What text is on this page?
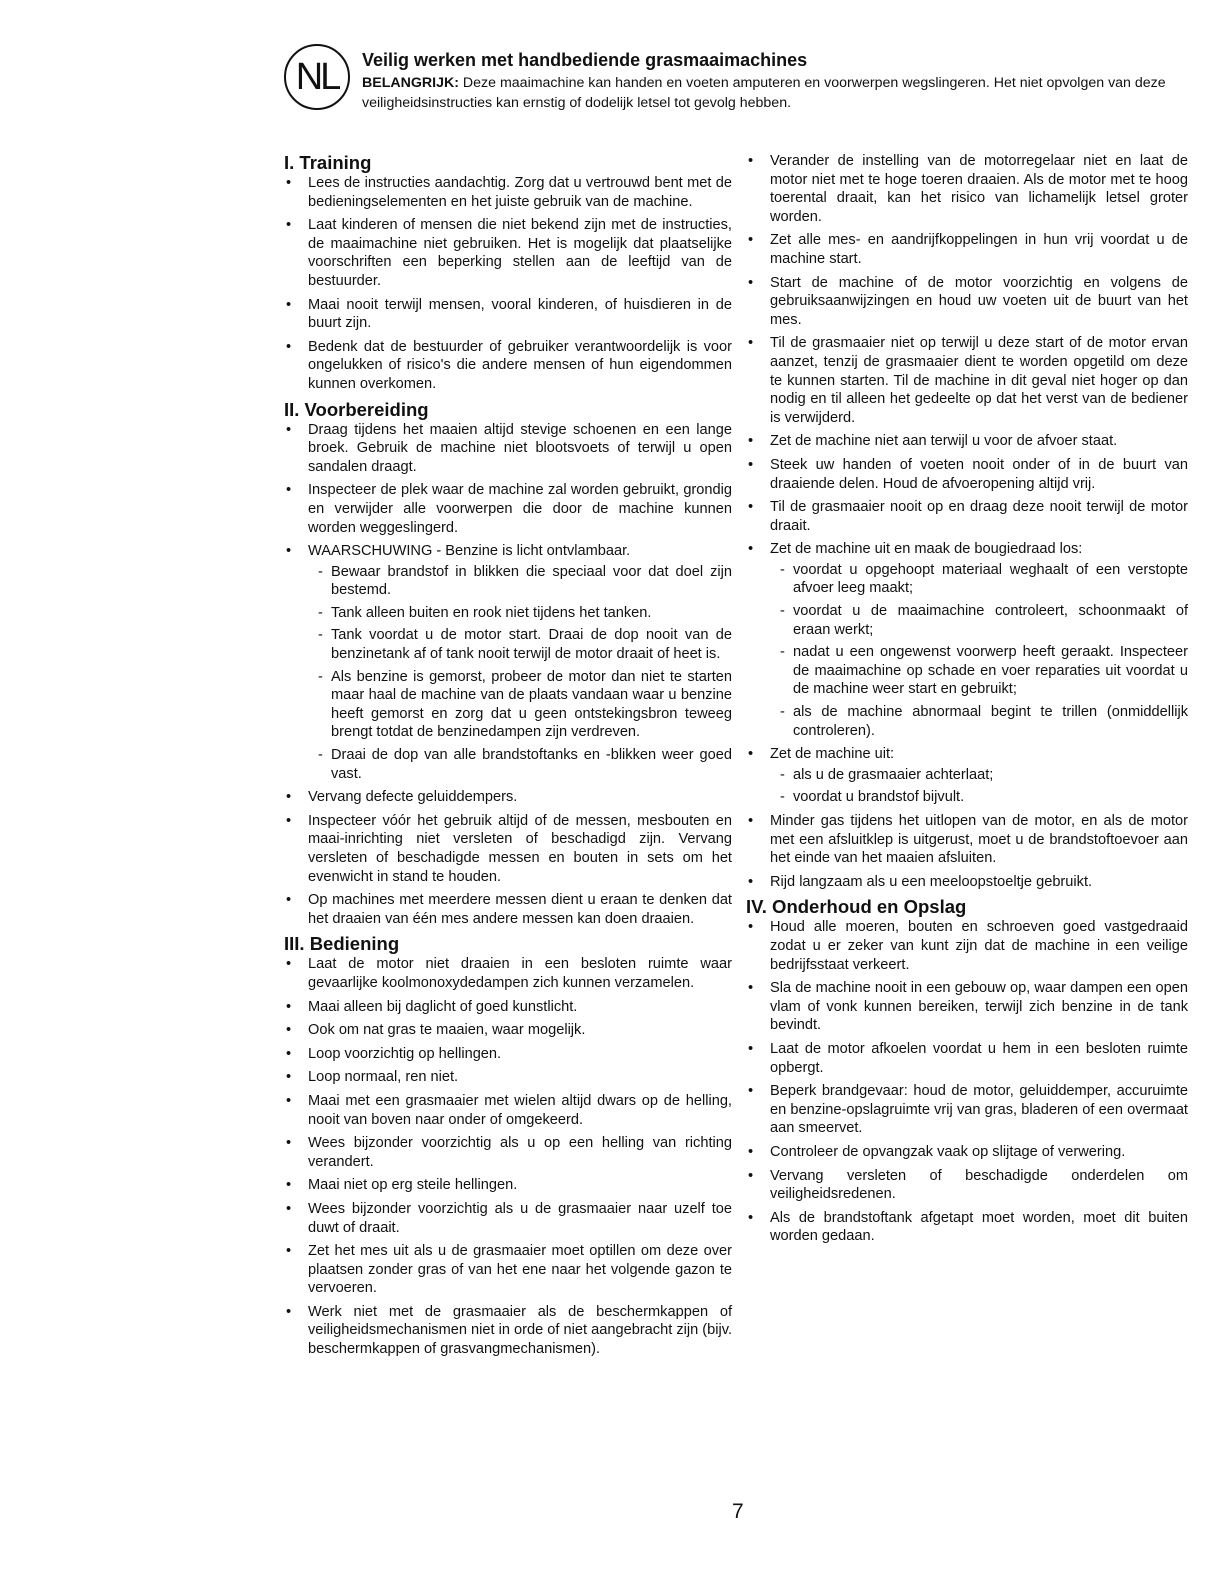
NL	Veilig werken met handbediende grasmaaimachines

BELANGRIJK: Deze maaimachine kan handen en voeten amputeren en voorwerpen wegslingeren. Het niet opvolgen van deze veiligheidsinstructies kan ernstig of dodelijk letsel tot gevolg hebben.

I. Training
• Lees de instructies aandachtig. Zorg dat u vertrouwd bent met de bedieningselementen en het juiste gebruik van de machine.
• Laat kinderen of mensen die niet bekend zijn met de instructies, de maaimachine niet gebruiken. Het is mogelijk dat plaatselijke voorschriften een beperking stellen aan de leeftijd van de bestuurder.
• Maai nooit terwijl mensen, vooral kinderen, of huisdieren in de buurt zijn.
• Bedenk dat de bestuurder of gebruiker verantwoordelijk is voor ongelukken of risico's die andere mensen of hun eigendommen kunnen overkomen.
II. Voorbereiding
• Draag tijdens het maaien altijd stevige schoenen en een lange broek. Gebruik de machine niet blootsvoets of terwijl u open sandalen draagt.
• Inspecteer de plek waar de machine zal worden gebruikt, grondig en verwijder alle voorwerpen die door de machine kunnen worden weggeslingerd.
• WAARSCHUWING - Benzine is licht ontvlambaar.
- Bewaar brandstof in blikken die speciaal voor dat doel zijn bestemd.
- Tank alleen buiten en rook niet tijdens het tanken.
- Tank voordat u de motor start. Draai de dop nooit van de benzinetank af of tank nooit terwijl de motor draait of heet is.
- Als benzine is gemorst, probeer de motor dan niet te starten maar haal de machine van de plaats vandaan waar u benzine heeft gemorst en zorg dat u geen ontstekingsbron teweeg brengt totdat de benzinedampen zijn verdreven.
- Draai de dop van alle brandstoftanks en -blikken weer goed vast.
• Vervang defecte geluiddempers.
• Inspecteer vóór het gebruik altijd of de messen, mesbouten en maai-inrichting niet versleten of beschadigd zijn. Vervang versleten of beschadigde messen en bouten in sets om het evenwicht in stand te houden.
• Op machines met meerdere messen dient u eraan te denken dat het draaien van één mes andere messen kan doen draaien.
III. Bediening
• Laat de motor niet draaien in een besloten ruimte waar gevaarlijke koolmonoxydedampen zich kunnen verzamelen.
• Maai alleen bij daglicht of goed kunstlicht.
• Ook om nat gras te maaien, waar mogelijk.
• Loop voorzichtig op hellingen.
• Loop normaal, ren niet.
• Maai met een grasmaaier met wielen altijd dwars op de helling, nooit van boven naar onder of omgekeerd.
• Wees bijzonder voorzichtig als u op een helling van richting verandert.
• Maai niet op erg steile hellingen.
• Wees bijzonder voorzichtig als u de grasmaaier naar uzelf toe duwt of draait.
• Zet het mes uit als u de grasmaaier moet optillen om deze over plaatsen zonder gras of van het ene naar het volgende gazon te vervoeren.
• Werk niet met de grasmaaier als de beschermkappen of veiligheidsmechanismen niet in orde of niet aangebracht zijn (bijv. beschermkappen of grasvangmechanismen).
• Verander de instelling van de motorregelaar niet en laat de motor niet met te hoge toeren draaien. Als de motor met te hoog toerental draait, kan het risico van lichamelijk letsel groter worden.
• Zet alle mes- en aandrijfkoppelingen in hun vrij voordat u de machine start.
• Start de machine of de motor voorzichtig en volgens de gebruiksaanwijzingen en houd uw voeten uit de buurt van het mes.
• Til de grasmaaier niet op terwijl u deze start of de motor ervan aanzet, tenzij de grasmaaier dient te worden opgetild om deze te kunnen starten. Til de machine in dit geval niet hoger op dan nodig en til alleen het gedeelte op dat het verst van de bediener is verwijderd.
• Zet de machine niet aan terwijl u voor de afvoer staat.
• Steek uw handen of voeten nooit onder of in de buurt van draaiende delen. Houd de afvoeropening altijd vrij.
• Til de grasmaaier nooit op en draag deze nooit terwijl de motor draait.
• Zet de machine uit en maak de bougiedraad los:
- voordat u opgehoopt materiaal weghaalt of een verstopte afvoer leeg maakt;
- voordat u de maaimachine controleert, schoonmaakt of eraan werkt;
- nadat u een ongewenst voorwerp heeft geraakt. Inspecteer de maaimachine op schade en voer reparaties uit voordat u de machine weer start en gebruikt;
- als de machine abnormaal begint te trillen (onmiddellijk controleren).
• Zet de machine uit:
- als u de grasmaaier achterlaat;
- voordat u brandstof bijvult.
• Minder gas tijdens het uitlopen van de motor, en als de motor met een afsluitklep is uitgerust, moet u de brandstoftoevoer aan het einde van het maaien afsluiten.
• Rijd langzaam als u een meeloopstoeltje gebruikt.
IV. Onderhoud en Opslag
• Houd alle moeren, bouten en schroeven goed vastgedraaid zodat u er zeker van kunt zijn dat de machine in een veilige bedrijfsstaat verkeert.
• Sla de machine nooit in een gebouw op, waar dampen een open vlam of vonk kunnen bereiken, terwijl zich benzine in de tank bevindt.
• Laat de motor afkoelen voordat u hem in een besloten ruimte opbergt.
• Beperk brandgevaar: houd de motor, geluiddemper, accuruimte en benzine-opslagruimte vrij van gras, bladeren of een overmaat aan smeervet.
• Controleer de opvangzak vaak op slijtage of verwering.
• Vervang versleten of beschadigde onderdelen om veiligheidsredenen.
• Als de brandstoftank afgetapt moet worden, moet dit buiten worden gedaan.
7
